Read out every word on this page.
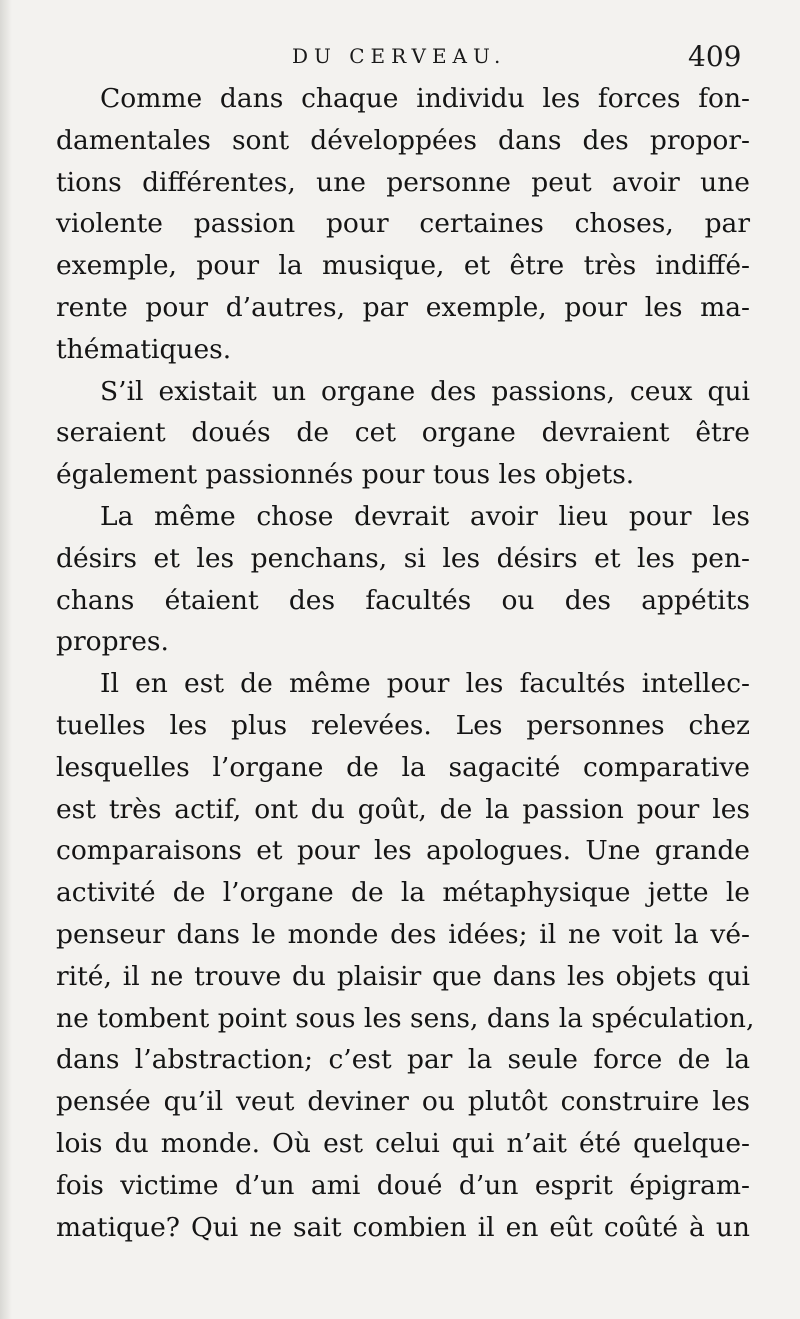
DU CERVEAU.	409
Comme dans chaque individu les forces fon-
damentales sont développées dans des propor-
tions différentes, une personne peut avoir une
violente passion pour certaines choses, par
exemple, pour la musique, et être très indiffé-
rente pour d’autres, par exemple, pour les ma-
thématiques.
S’il existait un organe des passions, ceux qui
seraient doués de cet organe devraient être
également passionnés pour tous les objets.
La même chose devrait avoir lieu pour les
désirs et les penchans, si les désirs et les pen-
chans étaient des facultés ou des appétits
propres.
Il en est de même pour les facultés intellec-
tuelles les plus relevées. Les personnes chez
lesquelles l’organe de la sagacité comparative
est très actif, ont du goût, de la passion pour les
comparaisons et pour les apologues. Une grande
activité de l’organe de la métaphysique jette le
penseur dans le monde des idées; il ne voit la vé-
rité, il ne trouve du plaisir que dans les objets qui
ne tombent point sous les sens, dans la spéculation,
dans l’abstraction; c’est par la seule force de la
pensée qu’il veut deviner ou plutôt construire les
lois du monde. Où est celui qui n’ait été quelque-
fois victime d’un ami doué d’un esprit épigram-
matique? Qui ne sait combien il en eût coûté à un
